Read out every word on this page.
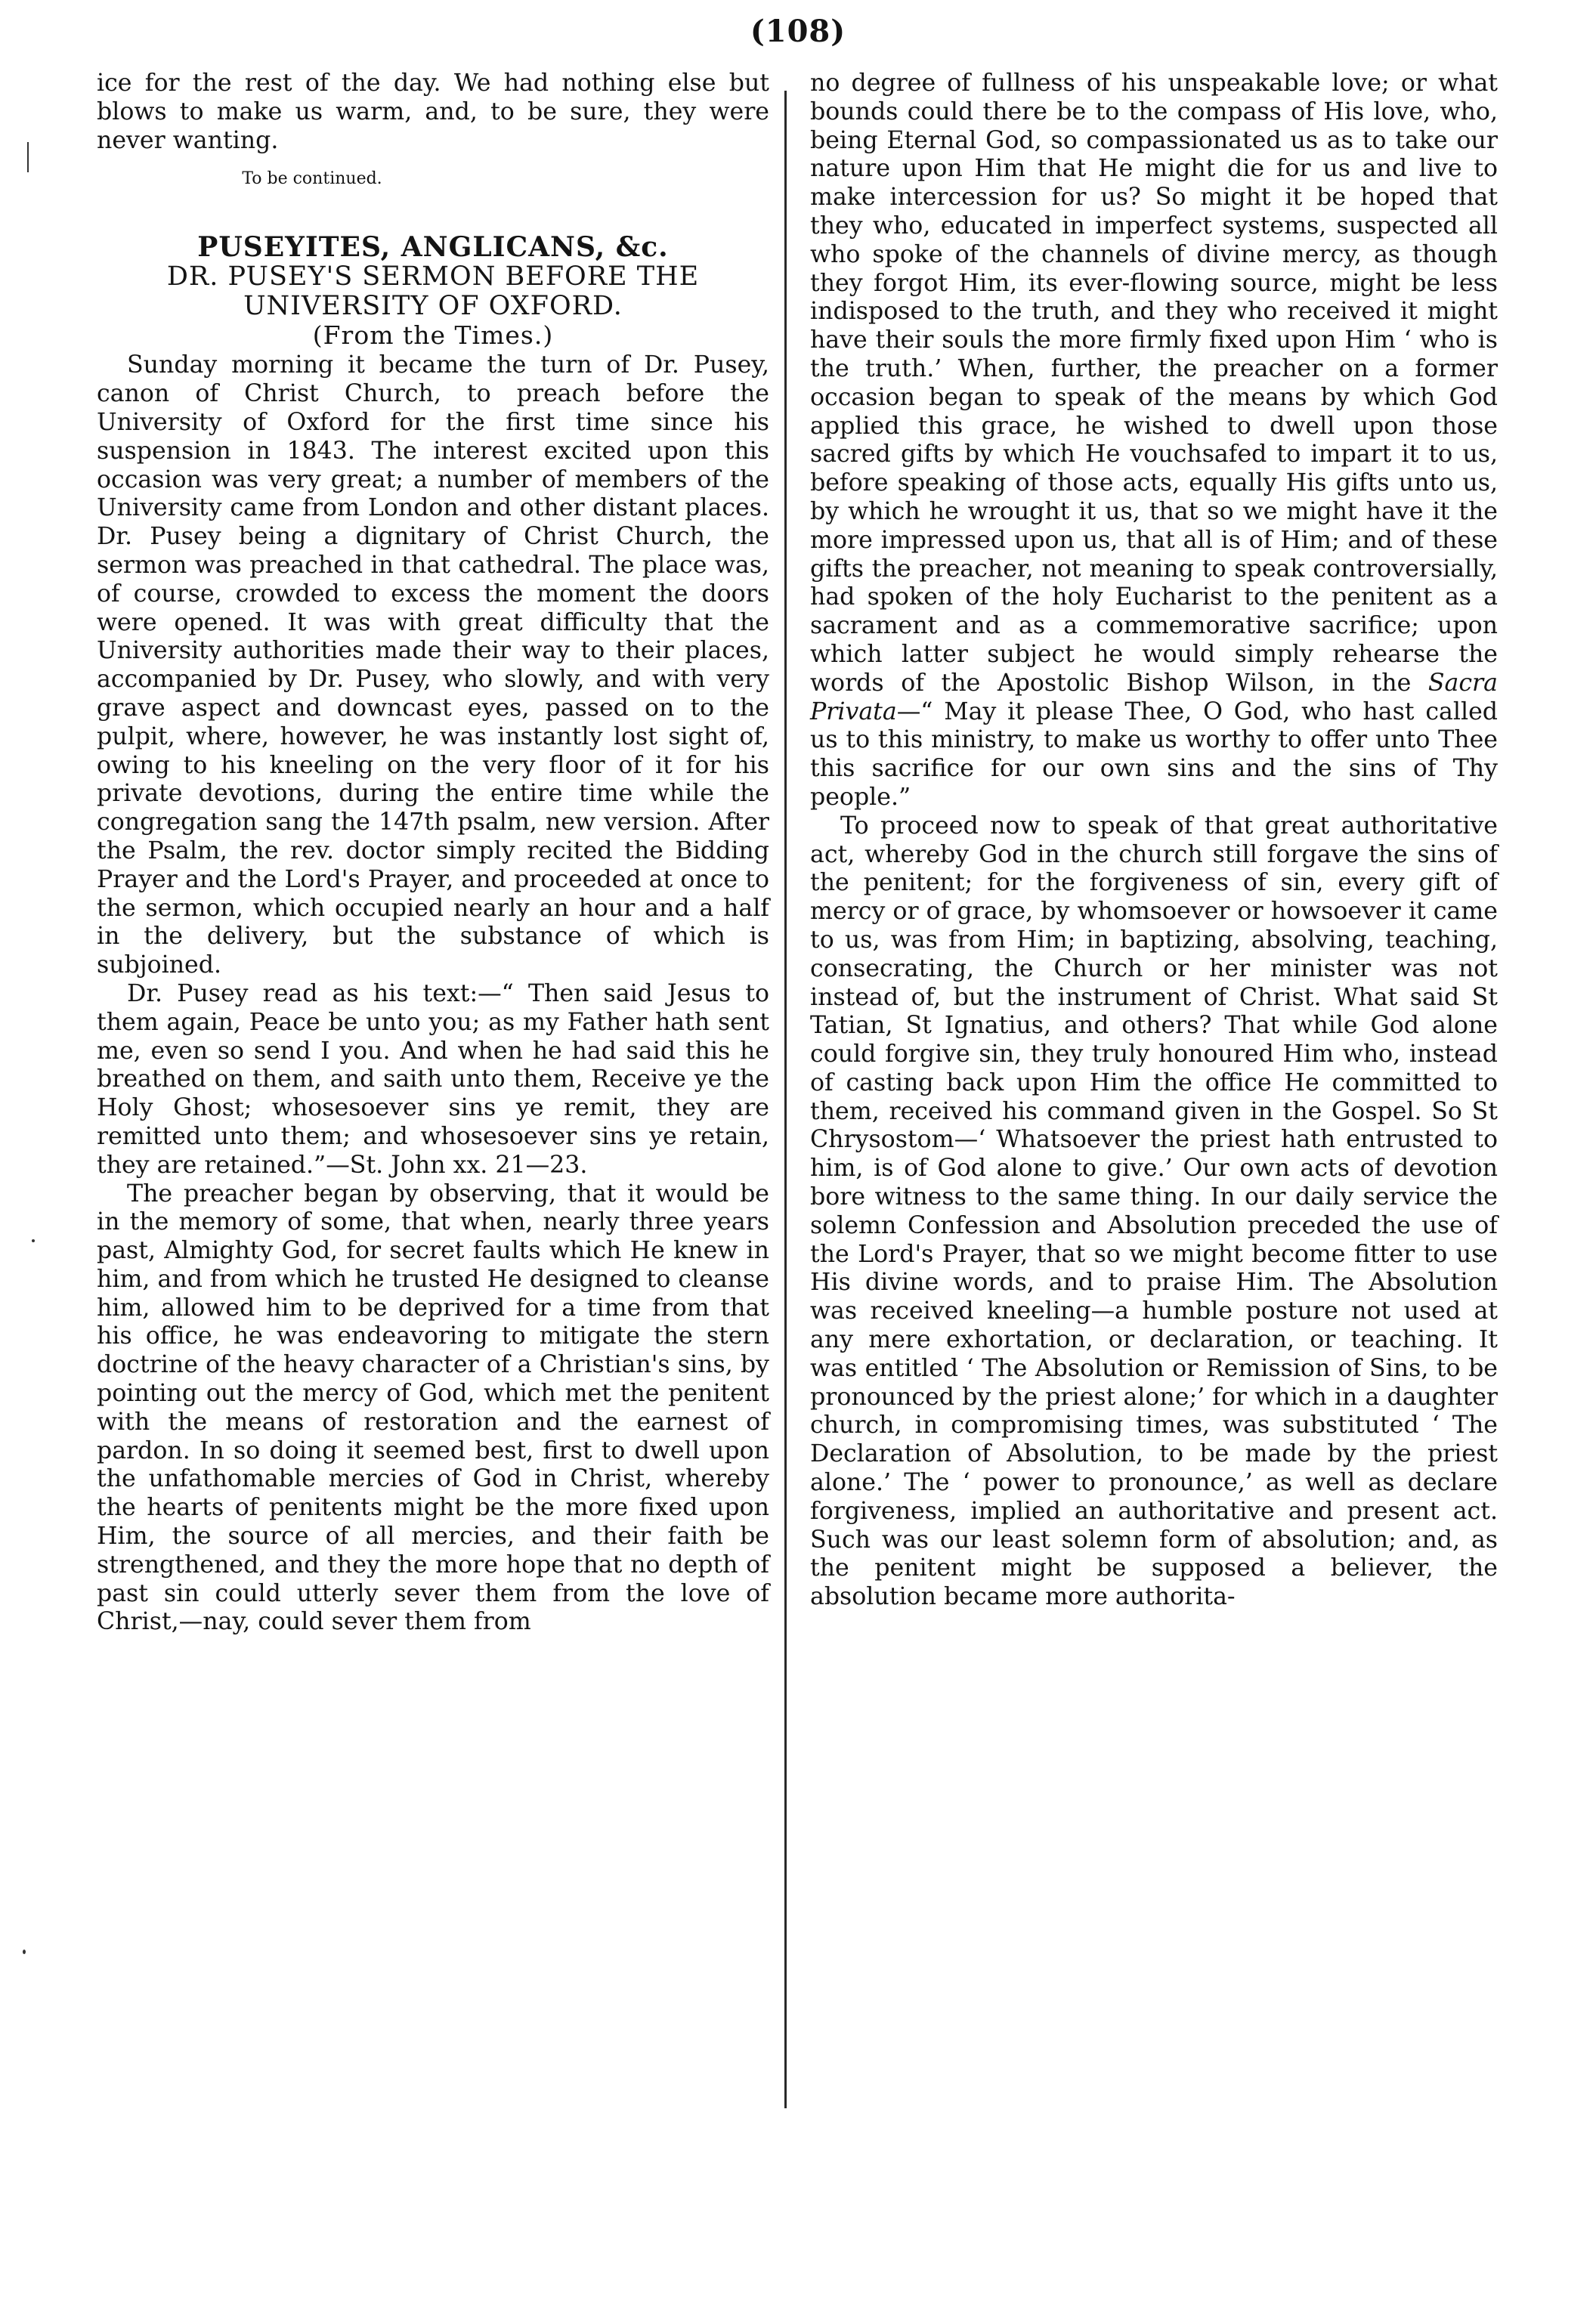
(108)

ice for the rest of the day. We had nothing else but blows to make us warm, and, to be sure, they were never wanting.

To be continued.

PUSEYITES, ANGLICANS, &c.

DR. PUSEY'S SERMON BEFORE THE UNIVERSITY OF OXFORD.

(From the Times.)

Sunday morning it became the turn of Dr. Pusey, canon of Christ Church, to preach before the University of Oxford for the first time since his suspension in 1843. The interest excited upon this occasion was very great; a number of members of the University came from London and other distant places. Dr. Pusey being a dignitary of Christ Church, the sermon was preached in that cathedral. The place was, of course, crowded to excess the moment the doors were opened. It was with great difficulty that the University authorities made their way to their places, accompanied by Dr. Pusey, who slowly, and with very grave aspect and downcast eyes, passed on to the pulpit, where, however, he was instantly lost sight of, owing to his kneeling on the very floor of it for his private devotions, during the entire time while the congregation sang the 147th psalm, new version. After the Psalm, the rev. doctor simply recited the Bidding Prayer and the Lord's Prayer, and proceeded at once to the sermon, which occupied nearly an hour and a half in the delivery, but the substance of which is subjoined.

Dr. Pusey read as his text:—“ Then said Jesus to them again, Peace be unto you; as my Father hath sent me, even so send I you. And when he had said this he breathed on them, and saith unto them, Receive ye the Holy Ghost; whosesoever sins ye remit, they are remitted unto them; and whosesoever sins ye retain, they are retained.”—St. John xx. 21—23.

The preacher began by observing, that it would be in the memory of some, that when, nearly three years past, Almighty God, for secret faults which He knew in him, and from which he trusted He designed to cleanse him, allowed him to be deprived for a time from that his office, he was endeavoring to mitigate the stern doctrine of the heavy character of a Christian's sins, by pointing out the mercy of God, which met the penitent with the means of restoration and the earnest of pardon. In so doing it seemed best, first to dwell upon the unfathomable mercies of God in Christ, whereby the hearts of penitents might be the more fixed upon Him, the source of all mercies, and their faith be strengthened, and they the more hope that no depth of past sin could utterly sever them from the love of Christ,—nay, could sever them from

no degree of fullness of his unspeakable love; or what bounds could there be to the compass of His love, who, being Eternal God, so compassionated us as to take our nature upon Him that He might die for us and live to make intercession for us? So might it be hoped that they who, educated in imperfect systems, suspected all who spoke of the channels of divine mercy, as though they forgot Him, its ever-flowing source, might be less indisposed to the truth, and they who received it might have their souls the more firmly fixed upon Him ‘ who is the truth.’ When, further, the preacher on a former occasion began to speak of the means by which God applied this grace, he wished to dwell upon those sacred gifts by which He vouchsafed to impart it to us, before speaking of those acts, equally His gifts unto us, by which he wrought it us, that so we might have it the more impressed upon us, that all is of Him; and of these gifts the preacher, not meaning to speak controversially, had spoken of the holy Eucharist to the penitent as a sacrament and as a commemorative sacrifice; upon which latter subject he would simply rehearse the words of the Apostolic Bishop Wilson, in the Sacra Privata—“ May it please Thee, O God, who hast called us to this ministry, to make us worthy to offer unto Thee this sacrifice for our own sins and the sins of Thy people.”

To proceed now to speak of that great authoritative act, whereby God in the church still forgave the sins of the penitent; for the forgiveness of sin, every gift of mercy or of grace, by whomsoever or howsoever it came to us, was from Him; in baptizing, absolving, teaching, consecrating, the Church or her minister was not instead of, but the instrument of Christ. What said St Tatian, St Ignatius, and others? That while God alone could forgive sin, they truly honoured Him who, instead of casting back upon Him the office He committed to them, received his command given in the Gospel. So St Chrysostom—‘ Whatsoever the priest hath entrusted to him, is of God alone to give.’ Our own acts of devotion bore witness to the same thing. In our daily service the solemn Confession and Absolution preceded the use of the Lord's Prayer, that so we might become fitter to use His divine words, and to praise Him. The Absolution was received kneeling—a humble posture not used at any mere exhortation, or declaration, or teaching. It was entitled ‘ The Absolution or Remission of Sins, to be pronounced by the priest alone;’ for which in a daughter church, in compromising times, was substituted ‘ The Declaration of Absolution, to be made by the priest alone.’ The ‘ power to pronounce,’ as well as declare forgiveness, implied an authoritative and present act. Such was our least solemn form of absolution; and, as the penitent might be supposed a believer, the absolution became more authorita-
